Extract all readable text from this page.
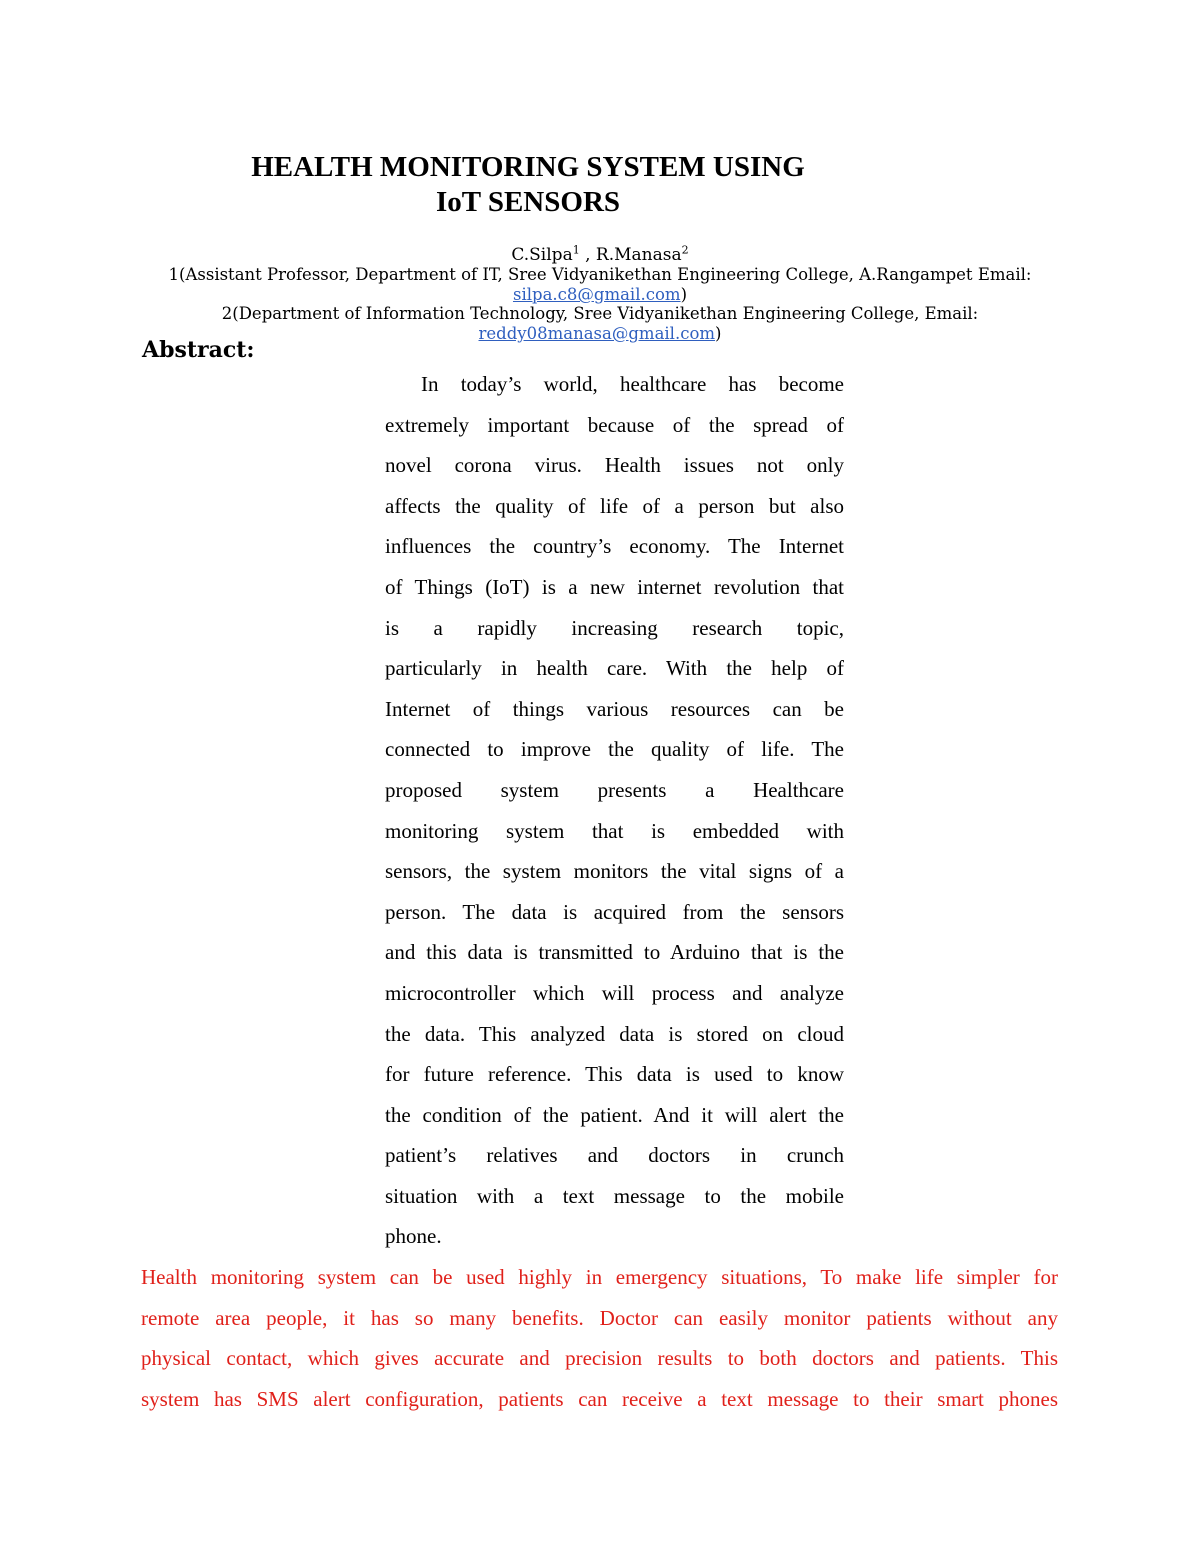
HEALTH MONITORING SYSTEM USING
IoT SENSORS
C.Silpa$^1$ , R.Manasa$^2$
1(Assistant Professor, Department of IT, Sree Vidyanikethan Engineering College, A.Rangampet Email:
silpa.c8@gmail.com)
2(Department of Information Technology, Sree Vidyanikethan Engineering College, Email:
reddy08manasa@gmail.com)
Abstract:
In today’s world, healthcare has become
extremely important because of the spread of
novel corona virus. Health issues not only
affects the quality of life of a person but also
influences the country’s economy. The Internet
of Things (IoT) is a new internet revolution that
is a rapidly increasing research topic,
particularly in health care. With the help of
Internet of things various resources can be
connected to improve the quality of life. The
proposed system presents a Healthcare
monitoring system that is embedded with
sensors, the system monitors the vital signs of a
person. The data is acquired from the sensors
and this data is transmitted to Arduino that is the
microcontroller which will process and analyze
the data. This analyzed data is stored on cloud
for future reference. This data is used to know
the condition of the patient. And it will alert the
patient’s relatives and doctors in crunch
situation with a text message to the mobile
phone.
Health monitoring system can be used highly in emergency situations, To make life simpler for
remote area people, it has so many benefits. Doctor can easily monitor patients without any
physical contact, which gives accurate and precision results to both doctors and patients. This
system has SMS alert configuration, patients can receive a text message to their smart phones
